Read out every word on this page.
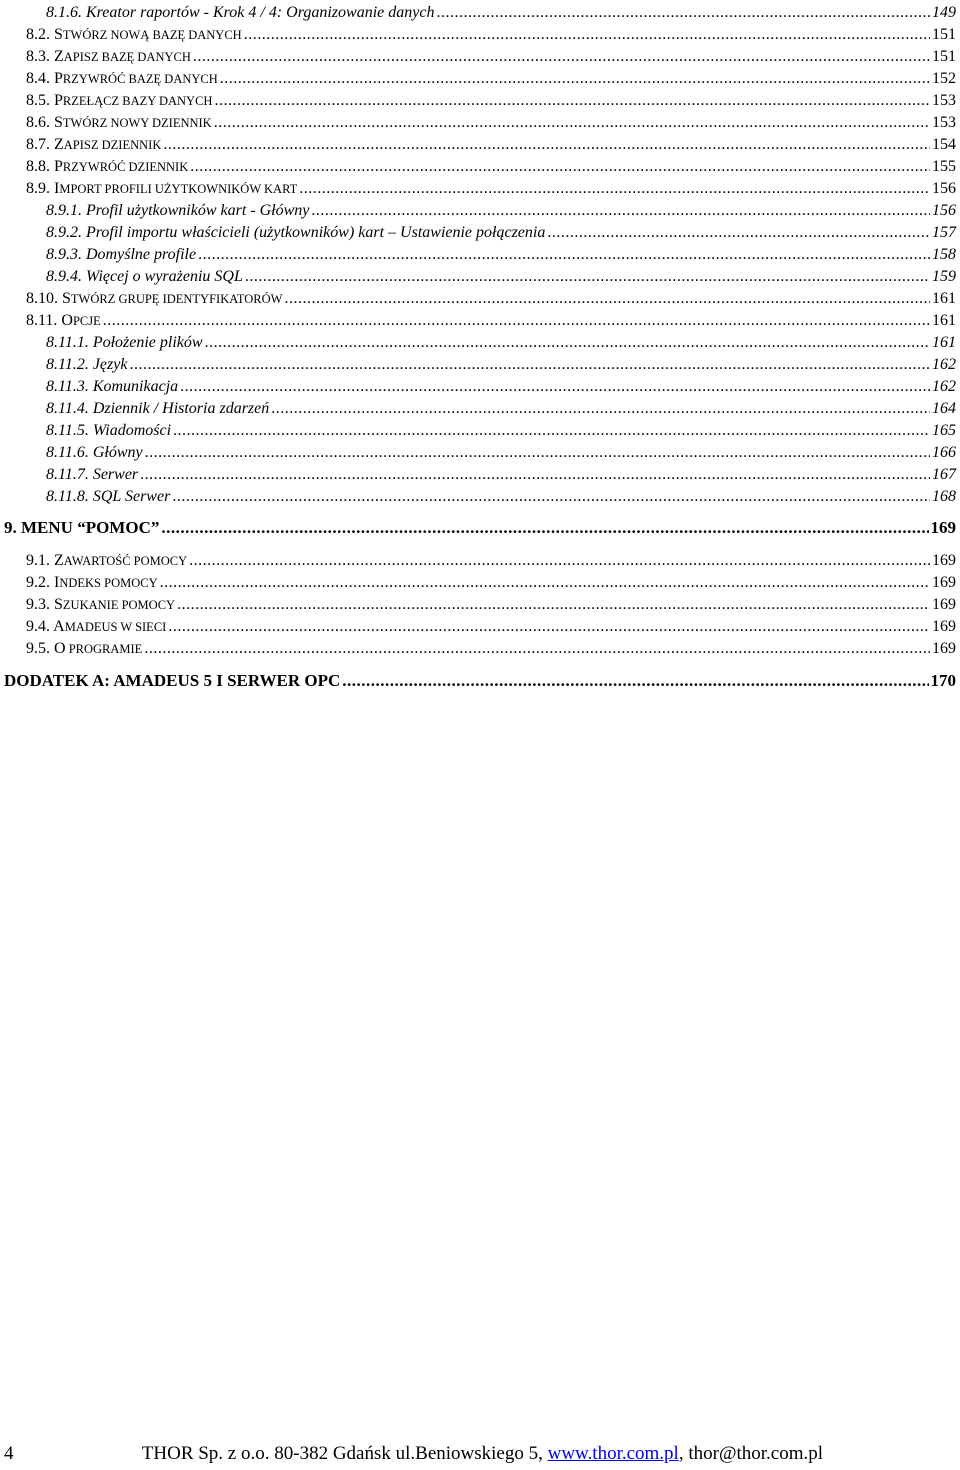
8.1.6. Kreator raportów - Krok 4 / 4: Organizowanie danych .....	149
8.2. STWÓRZ NOWĄ BAZĘ DANYCH .....	151
8.3. ZAPISZ BAZĘ DANYCH .....	151
8.4. PRZYWRÓĆ BAZĘ DANYCH .....	152
8.5. PRZEŁĄCZ BAZY DANYCH .....	153
8.6. STWÓRZ NOWY DZIENNIK .....	153
8.7. ZAPISZ DZIENNIK .....	154
8.8. PRZYWRÓĆ DZIENNIK .....	155
8.9. IMPORT PROFILI UŻYTKOWNIKÓW KART .....	156
8.9.1. Profil użytkowników kart - Główny .....	156
8.9.2. Profil importu właścicieli (użytkowników) kart – Ustawienie połączenia .....	157
8.9.3. Domyślne profile .....	158
8.9.4. Więcej o wyrażeniu SQL .....	159
8.10. STWÓRZ GRUPĘ IDENTYFIKATORÓW .....	161
8.11. OPCJE .....	161
8.11.1. Położenie plików .....	161
8.11.2. Język .....	162
8.11.3. Komunikacja .....	162
8.11.4. Dziennik / Historia zdarzeń .....	164
8.11.5. Wiadomości .....	165
8.11.6. Główny .....	166
8.11.7. Serwer .....	167
8.11.8. SQL Serwer .....	168
9. MENU “POMOC” .....	169
9.1. ZAWARTOŚĆ POMOCY .....	169
9.2. INDEKS POMOCY .....	169
9.3. SZUKANIE POMOCY .....	169
9.4. AMADEUS W SIECI .....	169
9.5. O PROGRAMIE .....	169
DODATEK A: AMADEUS 5 I SERWER OPC .....	170
4	THOR Sp. z o.o. 80-382 Gdańsk ul.Beniowskiego 5, www.thor.com.pl, thor@thor.com.pl
